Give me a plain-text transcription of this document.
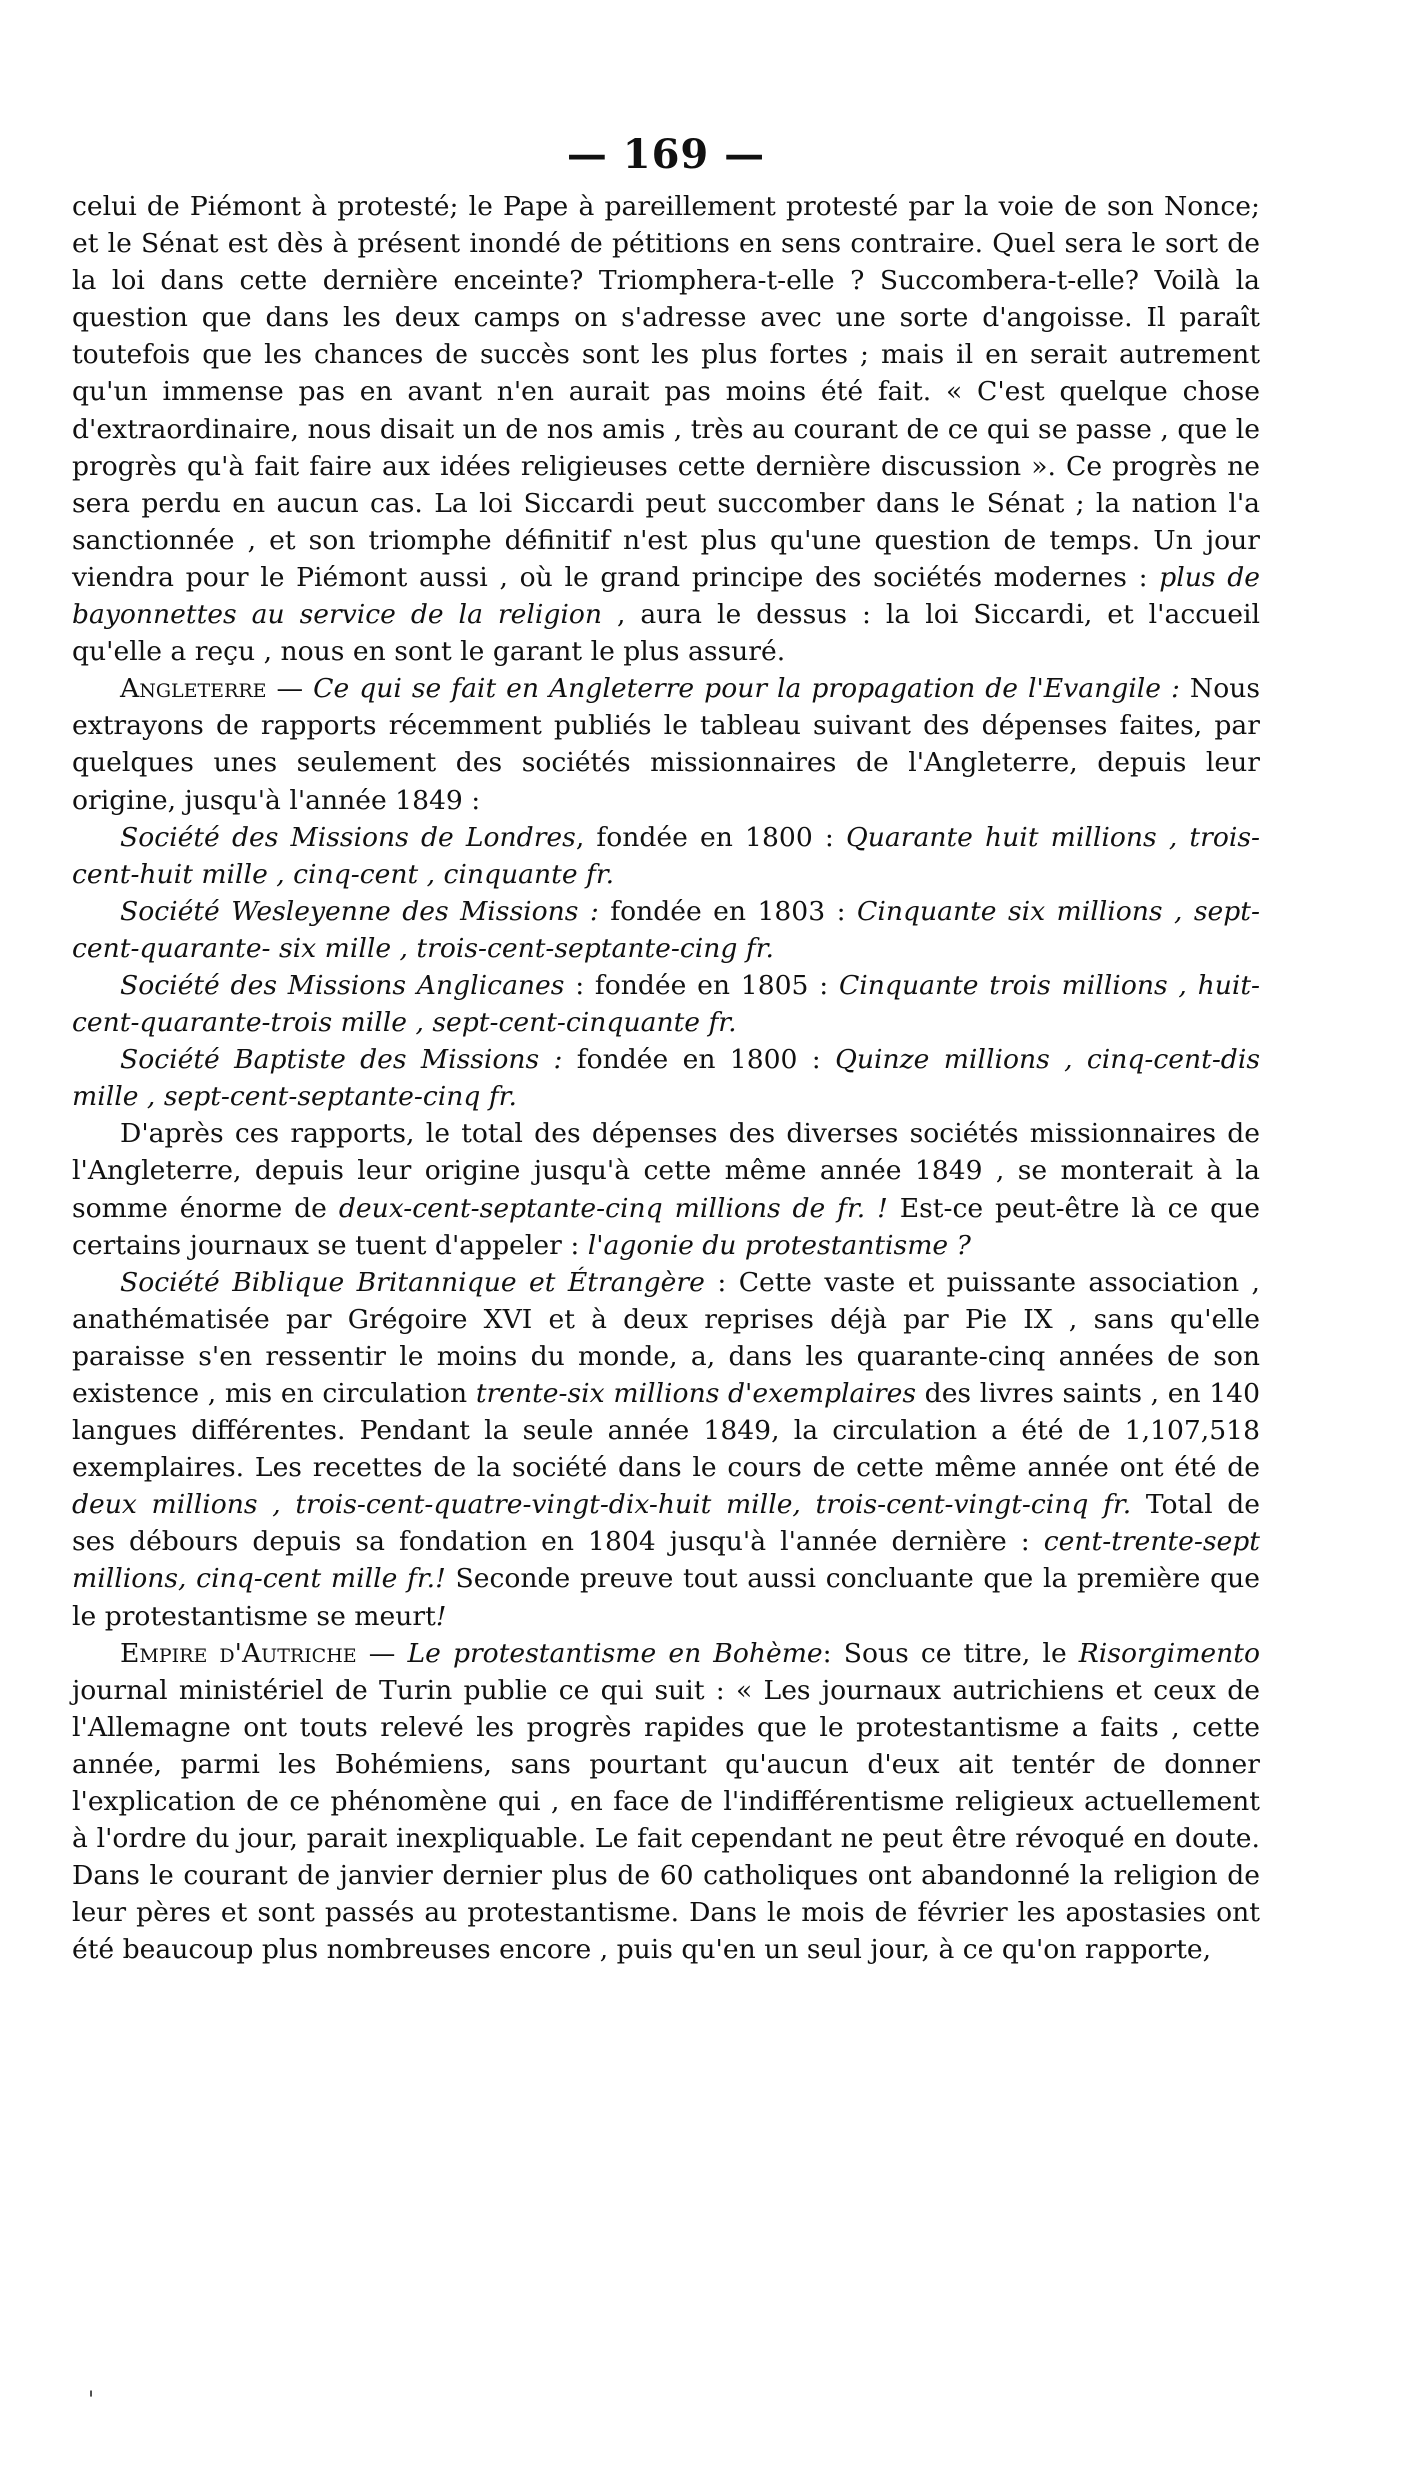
— 169 —

celui de Piémont à protesté; le Pape à pareillement protesté par la voie de son Nonce; et le Sénat est dès à présent inondé de pétitions en sens contraire. Quel sera le sort de la loi dans cette dernière enceinte? Triomphera-t-elle ? Succombera-t-elle? Voilà la question que dans les deux camps on s'adresse avec une sorte d'angoisse. Il paraît toutefois que les chances de succès sont les plus fortes ; mais il en serait autrement qu'un immense pas en avant n'en aurait pas moins été fait. « C'est quelque chose d'extraordinaire, nous disait un de nos amis , très au courant de ce qui se passe , que le progrès qu'à fait faire aux idées religieuses cette dernière discussion ». Ce progrès ne sera perdu en aucun cas. La loi Siccardi peut succomber dans le Sénat ; la nation l'a sanctionnée , et son triomphe définitif n'est plus qu'une question de temps. Un jour viendra pour le Piémont aussi , où le grand principe des sociétés modernes : plus de bayonnettes au service de la religion , aura le dessus : la loi Siccardi, et l'accueil qu'elle a reçu , nous en sont le garant le plus assuré.

Angleterre — Ce qui se fait en Angleterre pour la propagation de l'Evangile : Nous extrayons de rapports récemment publiés le tableau suivant des dépenses faites, par quelques unes seulement des sociétés missionnaires de l'Angleterre, depuis leur origine, jusqu'à l'année 1849 :

Société des Missions de Londres, fondée en 1800 : Quarante huit millions , trois-cent-huit mille , cinq-cent , cinquante fr.

Société Wesleyenne des Missions : fondée en 1803 : Cinquante six millions , sept-cent-quarante- six mille , trois-cent-septante-cing fr.

Société des Missions Anglicanes : fondée en 1805 : Cinquante trois millions , huit-cent-quarante-trois mille , sept-cent-cinquante fr.

Société Baptiste des Missions : fondée en 1800 : Quinze millions , cinq-cent-dis mille , sept-cent-septante-cinq fr.

D'après ces rapports, le total des dépenses des diverses sociétés missionnaires de l'Angleterre, depuis leur origine jusqu'à cette même année 1849 , se monterait à la somme énorme de deux-cent-septante-cinq millions de fr. ! Est-ce peut-être là ce que certains journaux se tuent d'appeler : l'agonie du protestantisme ?

Société Biblique Britannique et Étrangère : Cette vaste et puissante association , anathématisée par Grégoire XVI et à deux reprises déjà par Pie IX , sans qu'elle paraisse s'en ressentir le moins du monde, a, dans les quarante-cinq années de son existence , mis en circulation trente-six millions d'exemplaires des livres saints , en 140 langues différentes. Pendant la seule année 1849, la circulation a été de 1,107,518 exemplaires. Les recettes de la société dans le cours de cette même année ont été de deux millions , trois-cent-quatre-vingt-dix-huit mille, trois-cent-vingt-cinq fr. Total de ses débours depuis sa fondation en 1804 jusqu'à l'année dernière : cent-trente-sept millions, cinq-cent mille fr.! Seconde preuve tout aussi concluante que la première que le protestantisme se meurt!

Empire d'Autriche — Le protestantisme en Bohème: Sous ce titre, le Risorgimento journal ministériel de Turin publie ce qui suit : « Les journaux autrichiens et ceux de l'Allemagne ont touts relevé les progrès rapides que le protestantisme a faits , cette année, parmi les Bohémiens, sans pourtant qu'aucun d'eux ait tentér de donner l'explication de ce phénomène qui , en face de l'indifférentisme religieux actuellement à l'ordre du jour, parait inexpliquable. Le fait cependant ne peut être révoqué en doute. Dans le courant de janvier dernier plus de 60 catholiques ont abandonné la religion de leur pères et sont passés au protestantisme. Dans le mois de février les apostasies ont été beaucoup plus nombreuses encore , puis qu'en un seul jour, à ce qu'on rapporte,

'
